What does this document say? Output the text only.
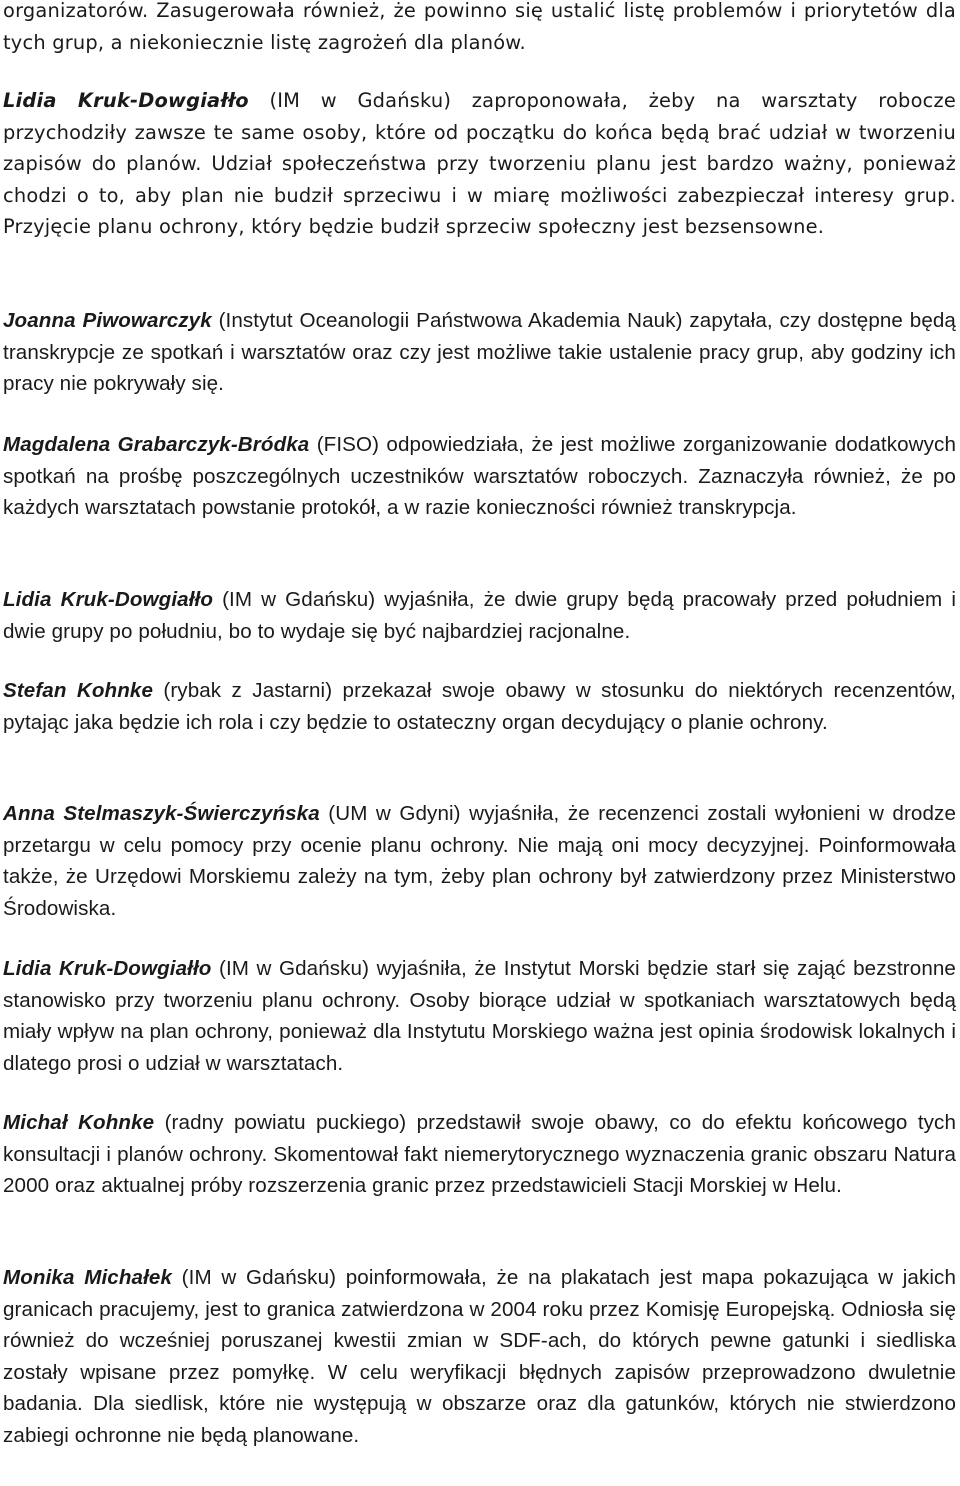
organizatorów. Zasugerowała również, że powinno się ustalić listę problemów i priorytetów dla tych grup, a niekoniecznie listę zagrożeń dla planów.

Lidia Kruk-Dowgiałło (IM w Gdańsku) zaproponowała, żeby na warsztaty robocze przychodziły zawsze te same osoby, które od początku do końca będą brać udział w tworzeniu zapisów do planów. Udział społeczeństwa przy tworzeniu planu jest bardzo ważny, ponieważ chodzi o to, aby plan nie budził sprzeciwu i w miarę możliwości zabezpieczał interesy grup. Przyjęcie planu ochrony, który będzie budził sprzeciw społeczny jest bezsensowne.

Joanna Piwowarczyk (Instytut Oceanologii Państwowa Akademia Nauk) zapytała, czy dostępne będą transkrypcje ze spotkań i warsztatów oraz czy jest możliwe takie ustalenie pracy grup, aby godziny ich pracy nie pokrywały się.

Magdalena Grabarczyk-Bródka (FISO) odpowiedziała, że jest możliwe zorganizowanie dodatkowych spotkań na prośbę poszczególnych uczestników warsztatów roboczych. Zaznaczyła również, że po każdych warsztatach powstanie protokół, a w razie konieczności również transkrypcja.

Lidia Kruk-Dowgiałło (IM w Gdańsku) wyjaśniła, że dwie grupy będą pracowały przed południem i dwie grupy po południu, bo to wydaje się być najbardziej racjonalne.

Stefan Kohnke (rybak z Jastarni) przekazał swoje obawy w stosunku do niektórych recenzentów, pytając jaka będzie ich rola i czy będzie to ostateczny organ decydujący o planie ochrony.

Anna Stelmaszyk-Świerczyńska (UM w Gdyni) wyjaśniła, że recenzenci zostali wyłonieni w drodze przetargu w celu pomocy przy ocenie planu ochrony. Nie mają oni mocy decyzyjnej. Poinformowała także, że Urzędowi Morskiemu zależy na tym, żeby plan ochrony był zatwierdzony przez Ministerstwo Środowiska.

Lidia Kruk-Dowgiałło (IM w Gdańsku) wyjaśniła, że Instytut Morski będzie starł się zająć bezstronne stanowisko przy tworzeniu planu ochrony. Osoby biorące udział w spotkaniach warsztatowych będą miały wpływ na plan ochrony, ponieważ dla Instytutu Morskiego ważna jest opinia środowisk lokalnych i dlatego prosi o udział w warsztatach.

Michał Kohnke (radny powiatu puckiego) przedstawił swoje obawy, co do efektu końcowego tych konsultacji i planów ochrony. Skomentował fakt niemerytorycznego wyznaczenia granic obszaru Natura 2000 oraz aktualnej próby rozszerzenia granic przez przedstawicieli Stacji Morskiej w Helu.

Monika Michałek (IM w Gdańsku) poinformowała, że na plakatach jest mapa pokazująca w jakich granicach pracujemy, jest to granica zatwierdzona w 2004 roku przez Komisję Europejską. Odniosła się również do wcześniej poruszanej kwestii zmian w SDF-ach, do których pewne gatunki i siedliska zostały wpisane przez pomyłkę. W celu weryfikacji błędnych zapisów przeprowadzono dwuletnie badania. Dla siedlisk, które nie występują w obszarze oraz dla gatunków, których nie stwierdzono zabiegi ochronne nie będą planowane.
